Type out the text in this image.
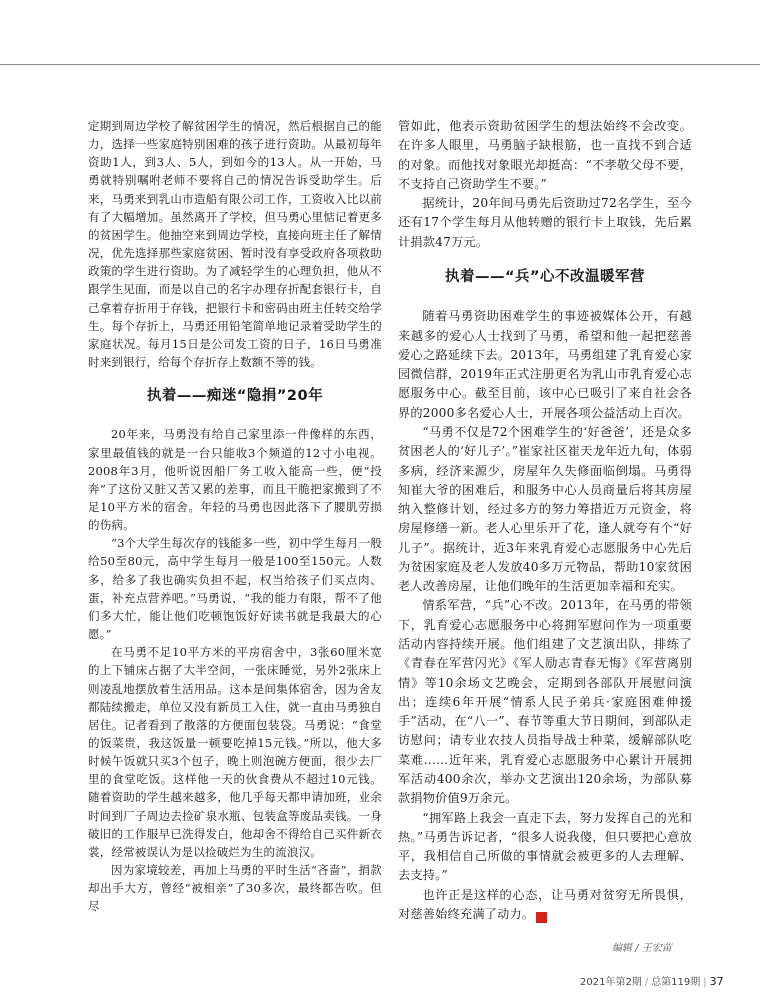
定期到周边学校了解贫困学生的情况，然后根据自己的能力，选择一些家庭特别困难的孩子进行资助。从最初每年资助1人，到3人、5人，到如今的13人。从一开始，马勇就特别嘱咐老师不要将自己的情况告诉受助学生。后来，马勇来到乳山市造船有限公司工作，工资收入比以前有了大幅增加。虽然离开了学校，但马勇心里惦记着更多的贫困学生。他抽空来到周边学校，直接向班主任了解情况，优先选择那些家庭贫困、暂时没有享受政府各项救助政策的学生进行资助。为了减轻学生的心理负担，他从不跟学生见面，而是以自己的名字办理存折配套银行卡，自己拿着存折用于存钱，把银行卡和密码由班主任转交给学生。每个存折上，马勇还用铅笔简单地记录着受助学生的家庭状况。每月15日是公司发工资的日子，16日马勇准时来到银行，给每个存折存上数额不等的钱。

执着——痴迷“隐捐”20年

20年来，马勇没有给自己家里添一件像样的东西，家里最值钱的就是一台只能收3个频道的12寸小电视。2008年3月，他听说因船厂务工收入能高一些，便“投奔”了这份又脏又苦又累的差事，而且干脆把家搬到了不足10平方米的宿舍。年轻的马勇也因此落下了腰肌劳损的伤病。

“3个大学生每次存的钱能多一些，初中学生每月一般给50至80元，高中学生每月一般是100至150元。人数多，给多了我也确实负担不起，权当给孩子们买点肉、蛋，补充点营养吧。”马勇说，“我的能力有限，帮不了他们多大忙，能让他们吃顿饱饭好好读书就是我最大的心愿。”

在马勇不足10平方米的平房宿舍中，3张60厘米宽的上下铺床占据了大半空间，一张床睡觉，另外2张床上则凌乱地摆放着生活用品。这本是间集体宿舍，因为舍友都陆续搬走，单位又没有新员工入住，就一直由马勇独自居住。记者看到了散落的方便面包装袋。马勇说：“食堂的饭菜贵，我这饭量一顿要吃掉15元钱。”所以，他大多时候午饭就只买3个包子，晚上则泡碗方便面，很少去厂里的食堂吃饭。这样他一天的伙食费从不超过10元钱。随着资助的学生越来越多，他几乎每天都申请加班，业余时间到厂子周边去捡矿泉水瓶、包装盒等废品卖钱。一身破旧的工作服早已洗得发白，他却舍不得给自己买件新衣裳，经常被误认为是以捡破烂为生的流浪汉。

因为家境较差，再加上马勇的平时生活“吝啬”，捐款却出手大方，曾经“被相亲”了30多次，最终都告吹。但尽

管如此，他表示资助贫困学生的想法始终不会改变。在许多人眼里，马勇脑子缺根筋，也一直找不到合适的对象。而他找对象眼光却挺高：“不孝敬父母不要，不支持自己资助学生不要。”

据统计，20年间马勇先后资助过72名学生，至今还有17个学生每月从他转赠的银行卡上取钱，先后累计捐款47万元。

执着——“兵”心不改温暖军营

随着马勇资助困难学生的事迹被媒体公开，有越来越多的爱心人士找到了马勇，希望和他一起把慈善爱心之路延续下去。2013年，马勇组建了乳育爱心家园微信群，2019年正式注册更名为乳山市乳育爱心志愿服务中心。截至目前，该中心已吸引了来自社会各界的2000多名爱心人士，开展各项公益活动上百次。

“马勇不仅是72个困难学生的‘好爸爸’，还是众多贫困老人的‘好儿子’。”崔家社区崔天龙年近九旬，体弱多病，经济来源少，房屋年久失修面临倒塌。马勇得知崔大爷的困难后，和服务中心人员商量后将其房屋纳入整修计划，经过多方的努力筹措近万元资金，将房屋修缮一新。老人心里乐开了花，逢人就夸有个“好儿子”。据统计，近3年来乳育爱心志愿服务中心先后为贫困家庭及老人发放40多万元物品，帮助10家贫困老人改善房屋，让他们晚年的生活更加幸福和充实。

情系军营，“兵”心不改。2013年，在马勇的带领下，乳育爱心志愿服务中心将拥军慰问作为一项重要活动内容持续开展。他们组建了文艺演出队，排练了《青春在军营闪光》《军人励志青春无悔》《军营离别情》等10余场文艺晚会，定期到各部队开展慰问演出；连续6年开展“情系人民子弟兵·家庭困难伸援手”活动，在“八一”、春节等重大节日期间，到部队走访慰问；请专业农技人员指导战士种菜，缓解部队吃菜难……近年来，乳育爱心志愿服务中心累计开展拥军活动400余次，举办文艺演出120余场，为部队募款捐物价值9万余元。

“拥军路上我会一直走下去，努力发挥自己的光和热。”马勇告诉记者，“很多人说我傻，但只要把心意放平，我相信自己所做的事情就会被更多的人去理解、去支持。”

也许正是这样的心态，让马勇对贫穷无所畏惧，对慈善始终充满了动力。	G

编辑 / 王宏苗
2021年第2期 / 总第119期 | 37
